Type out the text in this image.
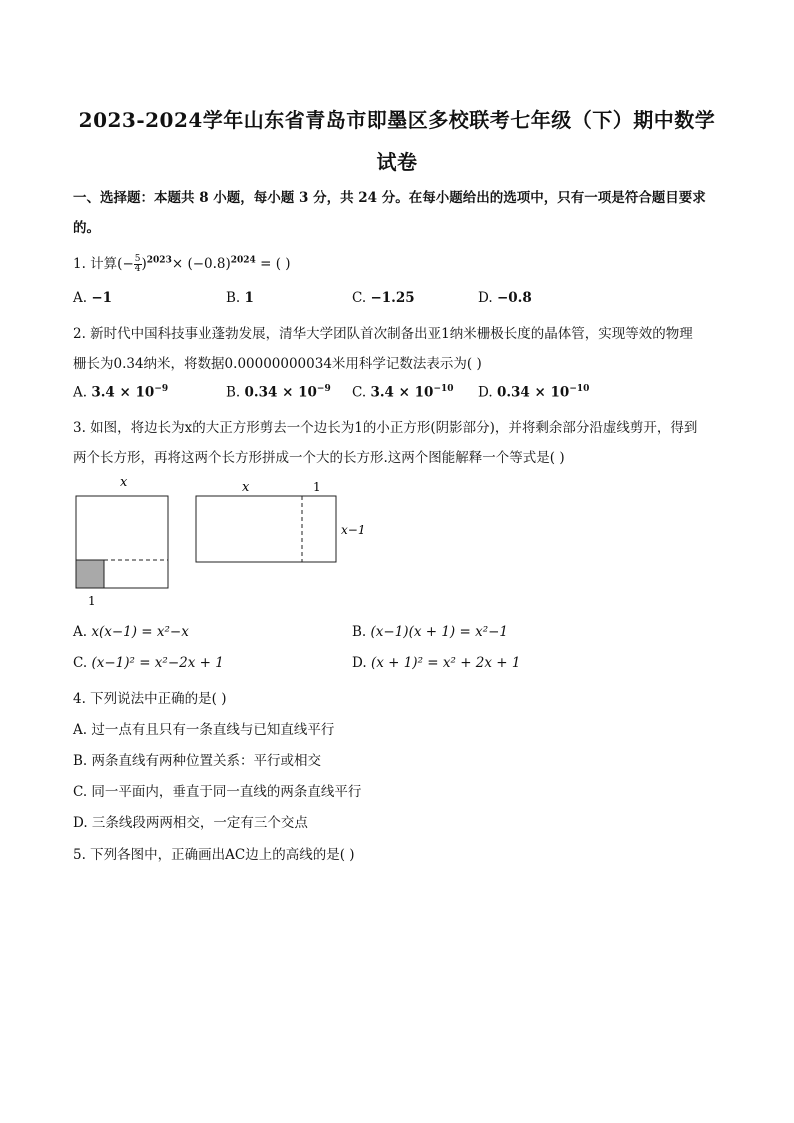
2023-2024学年山东省青岛市即墨区多校联考七年级（下）期中数学
试卷
一、选择题：本题共 8 小题，每小题 3 分，共 24 分。在每小题给出的选项中，只有一项是符合题目要求
的。
1. 计算(− $\frac{5}{4} )^{2023}\times (-0.8)^{2024}$ = ( )
A. −1	B. 1	C. −1.25	D. −0.8
2. 新时代中国科技事业蓬勃发展，清华大学团队首次制备出亚1纳米栅极长度的晶体管，实现等效的物理
栅长为0.34纳米，将数据0.00000000034米用科学记数法表示为( )
A. $3.4 \times 10^{-9}$	B. $0.34 \times 10^{-9}$ C. $3.4 \times 10^{-10}$ D. $0.34 \times 10^{-10}$
3. 如图，将边长为x的大正方形剪去一个边长为1的小正方形(阴影部分)，并将剩余部分沿虚线剪开，得到
两个长方形，再将这两个长方形拼成一个大的长方形.这两个图能解释一个等式是( )
x
1
x	1
x−1
A. x(x−1) = x²−x	B. (x−1)(x + 1) = x²−1
C. (x−1)² = x²−2x + 1	D. (x + 1)² = x² + 2x + 1
4. 下列说法中正确的是( )
A. 过一点有且只有一条直线与已知直线平行
B. 两条直线有两种位置关系：平行或相交
C. 同一平面内，垂直于同一直线的两条直线平行
D. 三条线段两两相交，一定有三个交点
5. 下列各图中，正确画出AC边上的高线的是( )
